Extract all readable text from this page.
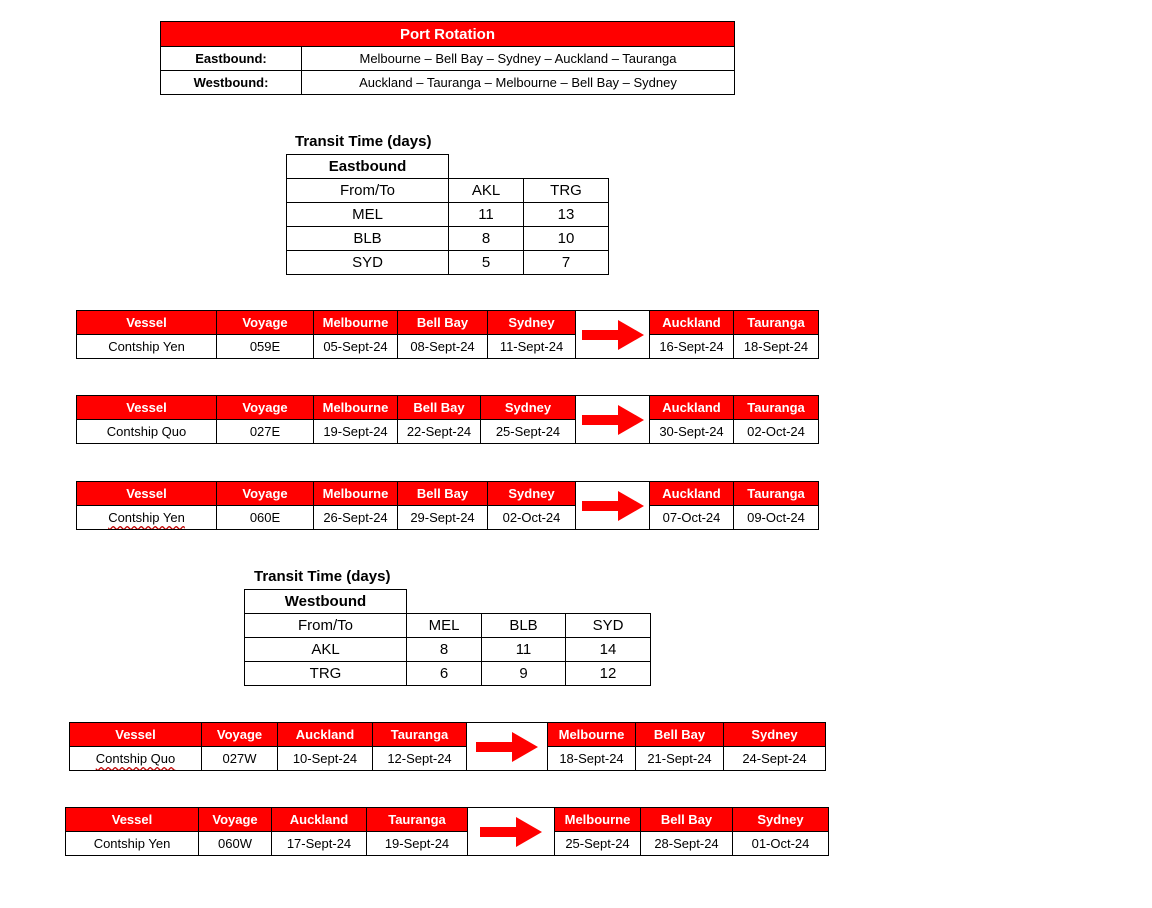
Port Rotation	
Eastbound:	Melbourne – Bell Bay – Sydney – Auckland – Tauranga
Westbound:	Auckland – Tauranga – Melbourne – Bell Bay – Sydney
Transit Time (days)
Eastbound		
From/To	AKL	TRG
MEL	11	13
BLB	8	10
SYD	5	7
Vessel	Voyage	Melbourne	Bell Bay	Sydney		Auckland	Tauranga
Contship Yen	059E	05-Sept-24	08-Sept-24	11-Sept-24		16-Sept-24	18-Sept-24
Vessel	Voyage	Melbourne	Bell Bay	Sydney		Auckland	Tauranga
Contship Quo	027E	19-Sept-24	22-Sept-24	25-Sept-24		30-Sept-24	02-Oct-24
Vessel	Voyage	Melbourne	Bell Bay	Sydney		Auckland	Tauranga
Contship Yen	060E	26-Sept-24	29-Sept-24	02-Oct-24		07-Oct-24	09-Oct-24
Transit Time (days)
Westbound			
From/To	MEL	BLB	SYD
AKL	8	11	14
TRG	6	9	12
Vessel	Voyage	Auckland	Tauranga		Melbourne	Bell Bay	Sydney
Contship Quo	027W	10-Sept-24	12-Sept-24		18-Sept-24	21-Sept-24	24-Sept-24
Vessel	Voyage	Auckland	Tauranga		Melbourne	Bell Bay	Sydney
Contship Yen	060W	17-Sept-24	19-Sept-24		25-Sept-24	28-Sept-24	01-Oct-24
